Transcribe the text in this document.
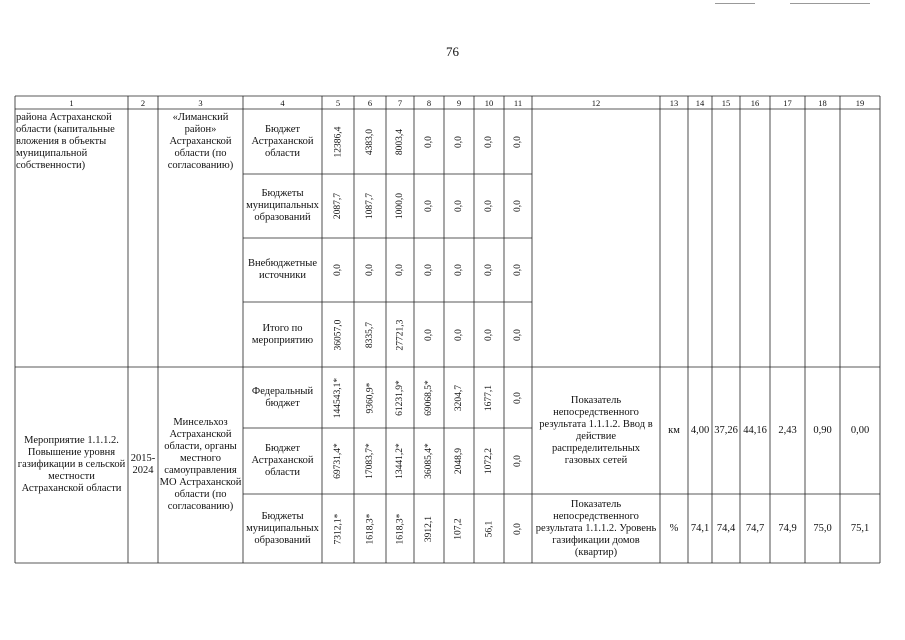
76
1	2	3	4	5	6	7	8	9	10	11	12	13	14	15	16	17	18	19
района Астраханской области (капитальные вложения в объекты муниципальной собственности)
«Лиманский район» Астраханской области (по согласованию)
Бюджет Астраханской области	12386,4 4383,0 8003,4 0,0 0,0 0,0 0,0
Бюджеты муниципальных образований	2087,7 1087,7 1000,0 0,0 0,0 0,0 0,0
Внебюджетные источники	0,0 0,0 0,0 0,0 0,0 0,0 0,0
Итого по мероприятию	36057,0 8335,7 27721,3 0,0 0,0 0,0 0,0
Мероприятие 1.1.1.2. Повышение уровня газификации в сельской местности Астраханской области
2015-2024
Минсельхоз Астраханской области, органы местного самоуправления МО Астраханской области (по согласованию)
Федеральный бюджет	144543,1* 9360,9* 61231,9* 69068,5* 3204,7 1677,1 0,0
Бюджет Астраханской области	69731,4* 17083,7* 13441,2* 36085,4* 2048,9 1072,2 0,0
Бюджеты муниципальных образований	7312,1* 1618,3* 1618,3* 3912,1 107,2 56,1 0,0
Показатель непосредственного результата 1.1.1.2. Ввод в действие распределительных газовых сетей
км	4,00 37,26 44,16	2,43	0,90	0,00
Показатель непосредственного результата 1.1.1.2. Уровень газификации домов (квартир)
%	74,1 74,4	74,7	74,9	75,0	75,1
